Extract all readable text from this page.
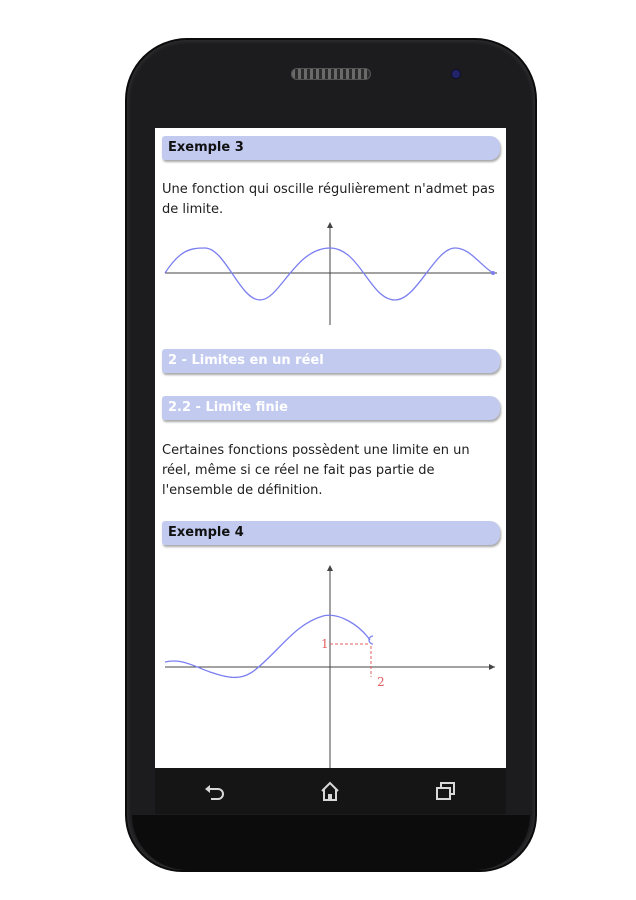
Exemple 3
Une fonction qui oscille régulièrement n'admet pas de limite.
2 - Limites en un réel
2.2 - Limite finie
Certaines fonctions possèdent une limite en un réel, même si ce réel ne fait pas partie de l'ensemble de définition.
Exemple 4
1
2
